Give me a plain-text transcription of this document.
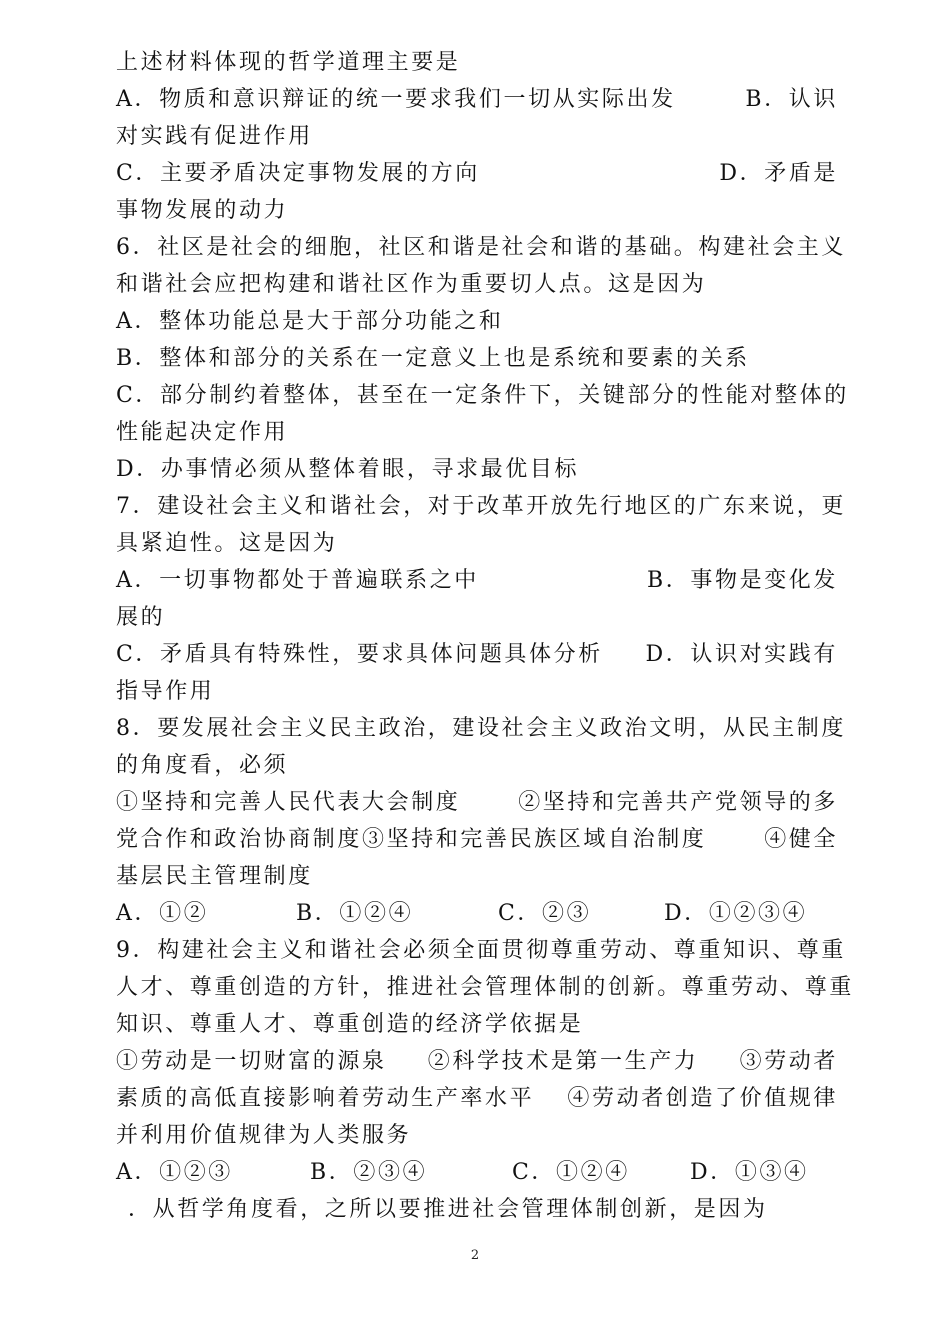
上述材料体现的哲学道理主要是
A．物质和意识辩证的统一要求我们一切从实际出发	B．认识
对实践有促进作用
C．主要矛盾决定事物发展的方向	D．矛盾是
事物发展的动力
6．社区是社会的细胞，社区和谐是社会和谐的基础。构建社会主义
和谐社会应把构建和谐社区作为重要切人点。这是因为
A．整体功能总是大于部分功能之和
B．整体和部分的关系在一定意义上也是系统和要素的关系
C．部分制约着整体，甚至在一定条件下，关键部分的性能对整体的
性能起决定作用
D．办事情必须从整体着眼，寻求最优目标
7．建设社会主义和谐社会，对于改革开放先行地区的广东来说，更
具紧迫性。这是因为
A．一切事物都处于普遍联系之中	B．事物是变化发
展的
C．矛盾具有特殊性，要求具体问题具体分析 D．认识对实践有
指导作用
8．要发展社会主义民主政治，建设社会主义政治文明，从民主制度
的角度看，必须
①坚持和完善人民代表大会制度	②坚持和完善共产党领导的多
党合作和政治协商制度③坚持和完善民族区域自治制度	④健全
基层民主管理制度
A．①②	B．①②④	C．②③	D．①②③④
9．构建社会主义和谐社会必须全面贯彻尊重劳动、尊重知识、尊重
人才、尊重创造的方针，推进社会管理体制的创新。尊重劳动、尊重
知识、尊重人才、尊重创造的经济学依据是
①劳动是一切财富的源泉 ②科学技术是第一生产力 ③劳动者
素质的高低直接影响着劳动生产率水平 ④劳动者创造了价值规律
并利用价值规律为人类服务
A．①②③	B．②③④	C．①②④	D．①③④
．从哲学角度看，之所以要推进社会管理体制创新，是因为
2
